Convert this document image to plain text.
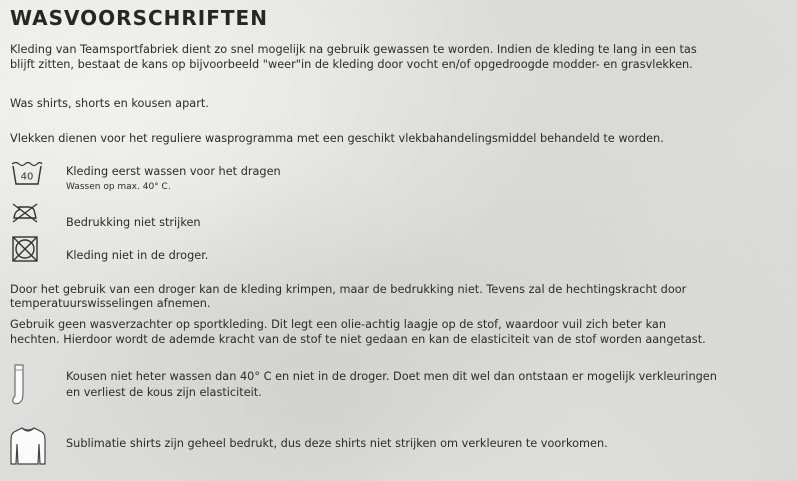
WASVOORSCHRIFTEN

Kleding van Teamsportfabriek dient zo snel mogelijk na gebruik gewassen te worden. Indien de kleding te lang in een tas

blijft zitten, bestaat de kans op bijvoorbeeld "weer"in de kleding door vocht en/of opgedroogde modder- en grasvlekken.

Was shirts, shorts en kousen apart.

Vlekken dienen voor het reguliere wasprogramma met een geschikt vlekbahandelingsmiddel behandeld te worden.

40	Kleding eerst wassen voor het dragen

Wassen op max. 40° C.

Bedrukking niet strijken

Kleding niet in de droger.

Door het gebruik van een droger kan de kleding krimpen, maar de bedrukking niet. Tevens zal de hechtingskracht door

temperatuurswisselingen afnemen.

Gebruik geen wasverzachter op sportkleding. Dit legt een olie-achtig laagje op de stof, waardoor vuil zich beter kan

hechten. Hierdoor wordt de ademde kracht van de stof te niet gedaan en kan de elasticiteit van de stof worden aangetast.

Kousen niet heter wassen dan 40° C en niet in de droger. Doet men dit wel dan ontstaan er mogelijk verkleuringen

en verliest de kous zijn elasticiteit.

Sublimatie shirts zijn geheel bedrukt, dus deze shirts niet strijken om verkleuren te voorkomen.
